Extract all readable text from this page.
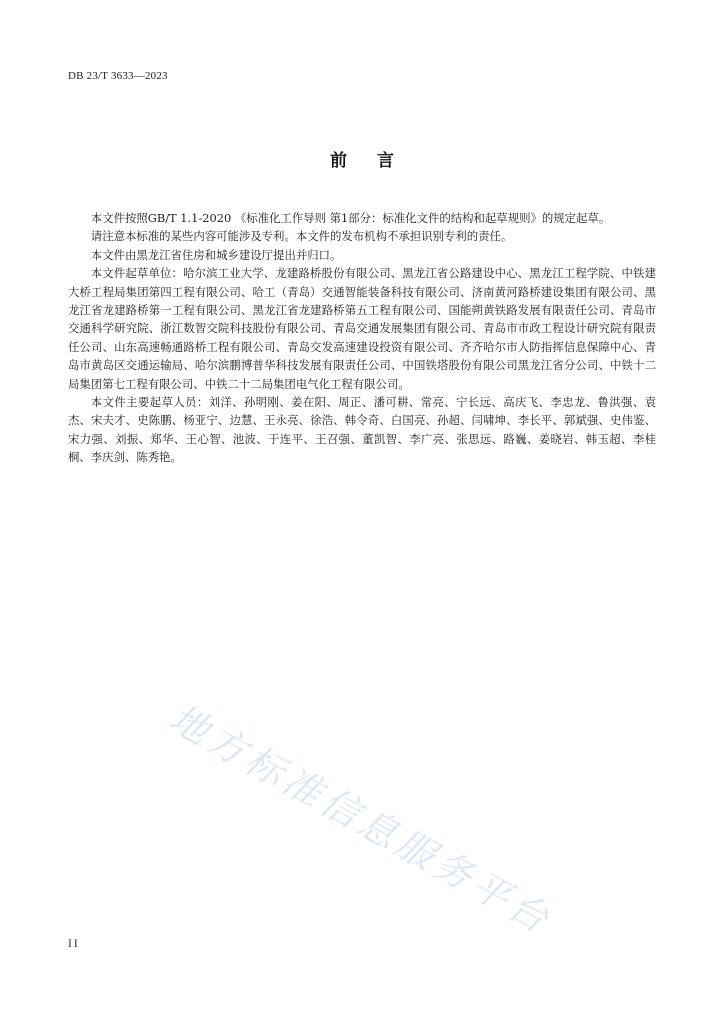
DB 23/T 3633—2023
前言

本文件按照GB/T 1.1-2020 《标准化工作导则 第1部分：标准化文件的结构和起草规则》的规定起草。

请注意本标准的某些内容可能涉及专利。本文件的发布机构不承担识别专利的责任。

本文件由黑龙江省住房和城乡建设厅提出并归口。

本文件起草单位：哈尔滨工业大学、龙建路桥股份有限公司、黑龙江省公路建设中心、黑龙江工程学院、中铁建大桥工程局集团第四工程有限公司、哈工（青岛）交通智能装备科技有限公司、济南黄河路桥建设集团有限公司、黑龙江省龙建路桥第一工程有限公司、黑龙江省龙建路桥第五工程有限公司、国能朔黄铁路发展有限责任公司、青岛市交通科学研究院、浙江数智交院科技股份有限公司、青岛交通发展集团有限公司、青岛市市政工程设计研究院有限责任公司、山东高速畅通路桥工程有限公司、青岛交发高速建设投资有限公司、齐齐哈尔市人防指挥信息保障中心、青岛市黄岛区交通运输局、哈尔滨鹏博普华科技发展有限责任公司、中国铁塔股份有限公司黑龙江省分公司、中铁十二局集团第七工程有限公司、中铁二十二局集团电气化工程有限公司。

本文件主要起草人员：刘洋、孙明刚、姜在阳、周正、潘可耕、常亮、宁长远、高庆飞、李忠龙、鲁洪强、袁杰、宋夫才、史陈鹏、杨亚宁、边慧、王永亮、徐浩、韩令奇、白国亮、孙超、闫啸坤、李长平、郭斌强、史伟鉴、宋力强、刘振、郑华、王心智、池波、于连平、王召强、董凯智、李广亮、张思远、路巍、姜晓岩、韩玉超、李桂桐、李庆剑、陈秀艳。

地方标准信息服务平台
II
